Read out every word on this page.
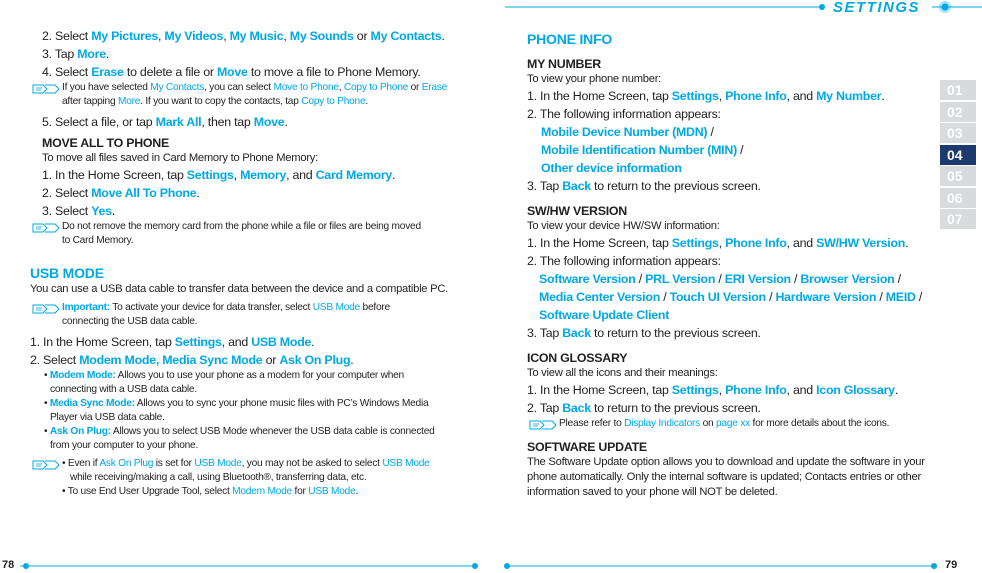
SETTINGS
01
02
03
04
05
06
07
78	79
2. Select My Pictures, My Videos, My Music, My Sounds or My Contacts.
3. Tap More.
4. Select Erase to delete a file or Move to move a file to Phone Memory.
If you have selected My Contacts, you can select Move to Phone, Copy to Phone or Erase
after tapping More. If you want to copy the contacts, tap Copy to Phone.
5. Select a file, or tap Mark All, then tap Move.
MOVE ALL TO PHONE
To move all files saved in Card Memory to Phone Memory:
1. In the Home Screen, tap Settings, Memory, and Card Memory.
2. Select Move All To Phone.
3. Select Yes.
Do not remove the memory card from the phone while a file or files are being moved
to Card Memory.
USB MODE
You can use a USB data cable to transfer data between the device and a compatible PC.
Important: To activate your device for data transfer, select USB Mode before
connecting the USB data cable.
1. In the Home Screen, tap Settings, and USB Mode.
2. Select Modem Mode, Media Sync Mode or Ask On Plug.
• Modem Mode: Allows you to use your phone as a modem for your computer when
connecting with a USB data cable.
• Media Sync Mode: Allows you to sync your phone music files with PC’s Windows Media
Player via USB data cable.
• Ask On Plug: Allows you to select USB Mode whenever the USB data cable is connected
from your computer to your phone.
• Even if Ask On Plug is set for USB Mode, you may not be asked to select USB Mode
while receiving/making a call, using Bluetooth®, transferring data, etc.
• To use End User Upgrade Tool, select Modem Mode for USB Mode.
PHONE INFO
MY NUMBER
To view your phone number:
1. In the Home Screen, tap Settings, Phone Info, and My Number.
2. The following information appears:
Mobile Device Number (MDN) /
Mobile Identification Number (MIN) /
Other device information
3. Tap Back to return to the previous screen.
SW/HW VERSION
To view your device HW/SW information:
1. In the Home Screen, tap Settings, Phone Info, and SW/HW Version.
2. The following information appears:
Software Version / PRL Version / ERI Version / Browser Version /
Media Center Version / Touch UI Version / Hardware Version / MEID /
Software Update Client
3. Tap Back to return to the previous screen.
ICON GLOSSARY
To view all the icons and their meanings:
1. In the Home Screen, tap Settings, Phone Info, and Icon Glossary.
2. Tap Back to return to the previous screen.
Please refer to Display Indicators on page xx for more details about the icons.
SOFTWARE UPDATE
The Software Update option allows you to download and update the software in your
phone automatically. Only the internal software is updated; Contacts entries or other
information saved to your phone will NOT be deleted.
